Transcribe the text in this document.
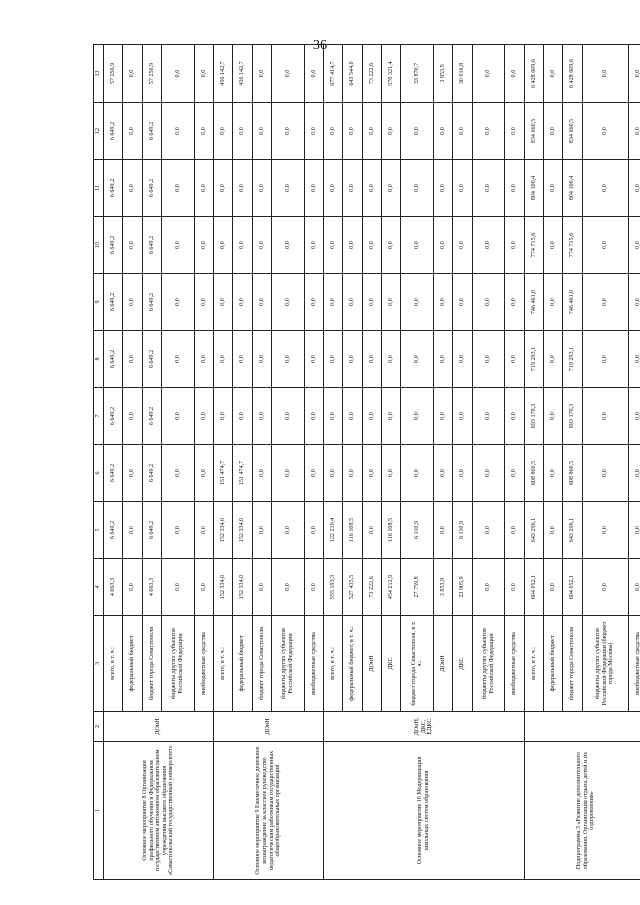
36
1	2	3	4	5	6	7	8	9	10	11	12	13
Основное мероприятие 8 Организация профильного обучения в Федеральном государственном автономном образовательном учреждении высшего образования «Севастопольский государственный университет»	ДОиН	всего, в т. ч.:	4 063,3	6 649,2	6 649,2	6 649,2	6 649,2	6 649,2	6 649,2	6 649,2	6 649,2	57 256,9
		федеральный бюджет	0,0	0,0	0,0	0,0	0,0	0,0	0,0	0,0	0,0	0,0
		бюджет города Севастополя	4 063,3	6 649,2	6 649,2	6 649,2	6 649,2	6 649,2	6 649,2	6 649,2	6 649,2	57 256,9
		бюджеты других субъектов Российской Федерации	0,0	0,0	0,0	0,0	0,0	0,0	0,0	0,0	0,0	0,0
		внебюджетные средства	0,0	0,0	0,0	0,0	0,0	0,0	0,0	0,0	0,0	0,0
Основное мероприятие 9 Ежемесячное денежное вознаграждение за классное руководство педагогическим работникам государственных общеобразовательных организаций	ДОиН	всего, в т. ч.:	152 334,0	152 334,0	151 474,7	0,0	0,0	0,0	0,0	0,0	0,0	456 142,7
		федеральный бюджет	152 334,0	152 334,0	151 474,7	0,0	0,0	0,0	0,0	0,0	0,0	456 142,7
		бюджет города Севастополя	0,0	0,0	0,0	0,0	0,0	0,0	0,0	0,0	0,0	0,0
		бюджеты других субъектов Российской Федерации	0,0	0,0	0,0	0,0	0,0	0,0	0,0	0,0	0,0	0,0
		внебюджетные средства	0,0	0,0	0,0	0,0	0,0	0,0	0,0	0,0	0,0	0,0
Основное мероприятие 10 Модернизация школьных систем образования	ДОиН, ДКС, ЕДКС	всего, в т. ч.:	555 193,3	122 219,4	0,0	0,0	0,0	0,0	0,0	0,0	0,0	677 414,7
		федеральный бюджет, в т. ч.:	527 435,5	116 108,5	0,0	0,0	0,0	0,0	0,0	0,0	0,0	643 544,0
		ДОиН	73 222,6	0,0	0,0	0,0	0,0	0,0	0,0	0,0	0,0	73 222,6
		ДКС	454 212,9	116 108,5	0,0	0,0	0,0	0,0	0,0	0,0	0,0	570 321,4
		бюджет города Севастополя, в т. ч.:	27 759,8	6 110,9	0,0	0,0	0,0	0,0	0,0	0,0	0,0	33 870,7
		ДОиН	3 853,9	0,0	0,0	0,0	0,0	0,0	0,0	0,0	0,0	3 853,9
		ДКС	23 905,9	6 110,9	0,0	0,0	0,0	0,0	0,0	0,0	0,0	30 016,8
		бюджеты других субъектов Российской Федерации	0,0	0,0	0,0	0,0	0,0	0,0	0,0	0,0	0,0	0,0
		внебюджетные средства	0,0	0,0	0,0	0,0	0,0	0,0	0,0	0,0	0,0	0,0
Подпрограмма 3 «Развитие дополнительного образования. Организация отдыха детей и их оздоровления»		всего, в т. ч.:	604 052,1	643 296,1	608 860,5	693 170,3	719 293,1	746 461,0	774 715,6	804 100,4	834 660,5	6 428 609,6
		федеральный бюджет	0,0	0,0	0,0	0,0	0,0	0,0	0,0	0,0	0,0	0,0
		бюджет города Севастополя	604 052,1	643 296,1	608 860,5	693 170,3	719 293,1	746 461,0	774 715,6	804 100,4	834 660,5	6 428 609,6
		бюджеты других субъектов Российской Федерации (бюджет города Москвы)	0,0	0,0	0,0	0,0	0,0	0,0	0,0	0,0	0,0	0,0
		внебюджетные средства	0,0	0,0	0,0	0,0	0,0	0,0	0,0	0,0	0,0	0,0
